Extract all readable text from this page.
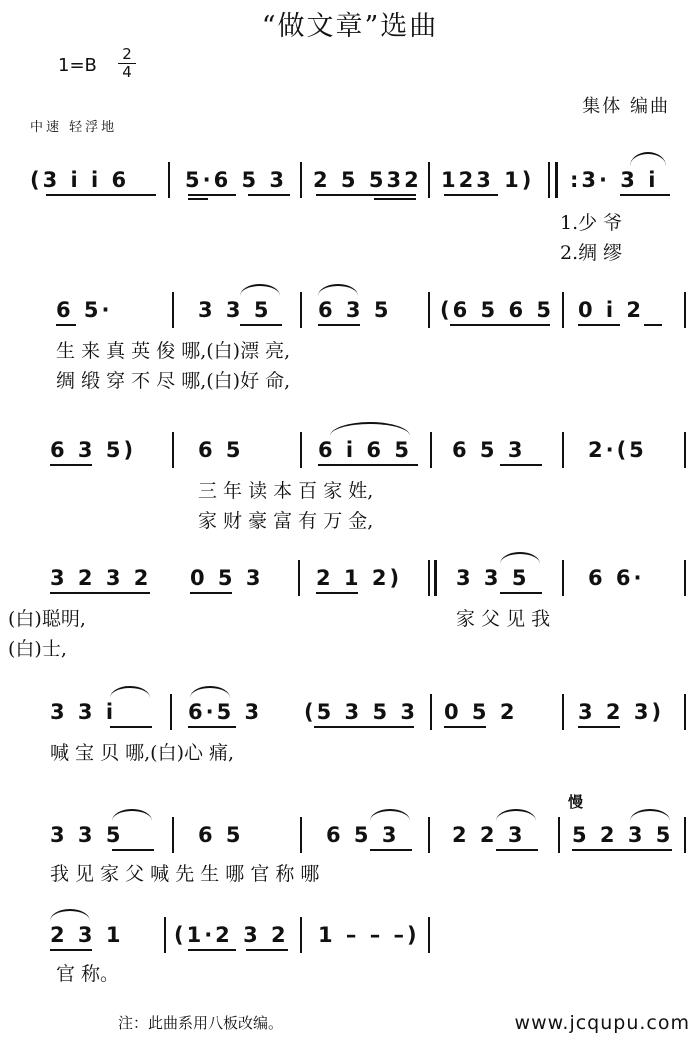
“做文章”选曲
1=B
2
4
集体 编曲
中速 轻浮地
(3 i i 6	5·6 5 3 2 5 532 123 1) :3· 3 i
1.少 爷
2.绸 缪
6 5·	3 3 5 6 3 5 (6 5 6 5 0 i 2
生 来 真 英 俊 哪,(白)漂 亮,
绸 缎 穿 不 尽 哪,(白)好 命,
6 3 5)	6 5	6 i 6 5 6 5 3	2·(5
三 年 读 本 百 家 姓,
家 财 豪 富 有 万 金,
3 2 3 2 0 5 3	2 1 2)	3 3 5	6 6·
(白)聪明,	家 父 见 我
(白)士,
3 3 i	6·5 3 (5 3 5 3 0 5 2	3 2 3)
喊 宝 贝 哪,(白)心 痛,
慢
3 3 5	6 5	6 5 3	2 2 3 5 2 3 5
我 见 家 父 喊 先 生 哪 官 称 哪
2 3 1 (1·2 3 2 1 – – –)
官 称。
注：此曲系用八板改编。	www.jcqupu.com
